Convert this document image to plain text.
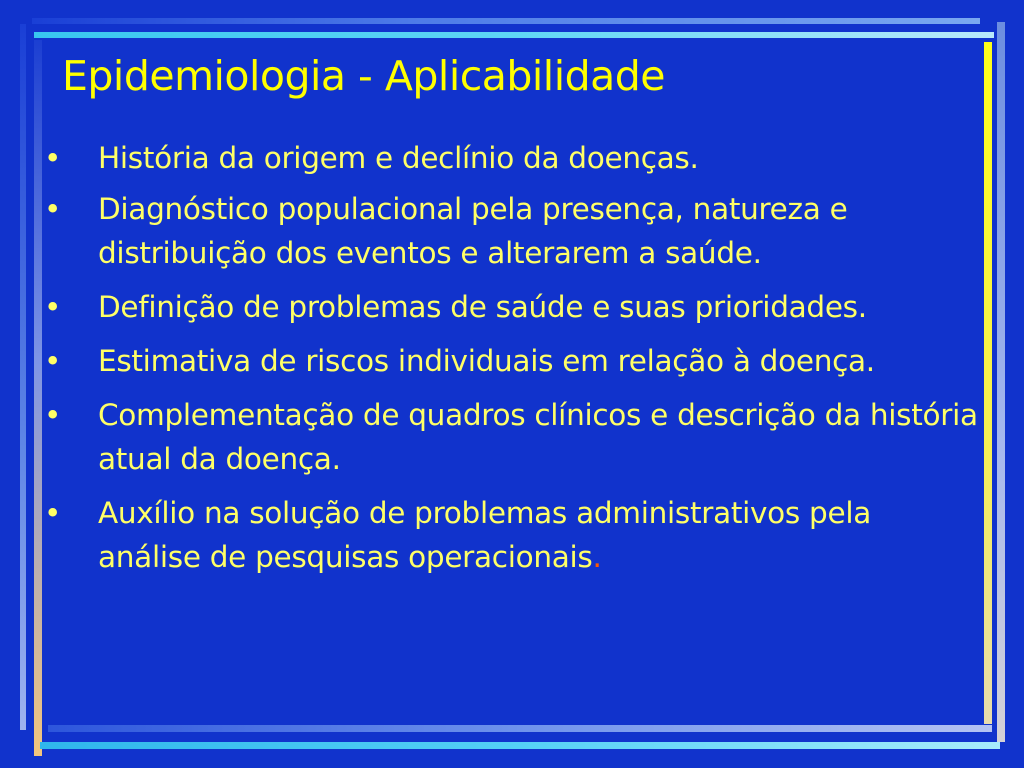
Epidemiologia - Aplicabilidade
• História da origem e declínio da doenças.
• Diagnóstico populacional pela presença, natureza e distribuição dos eventos e alterarem a saúde.
• Definição de problemas de saúde e suas prioridades.
• Estimativa de riscos individuais em relação à doença.
• Complementação de quadros clínicos e descrição da história atual da doença.
• Auxílio na solução de problemas administrativos pela análise de pesquisas operacionais.
